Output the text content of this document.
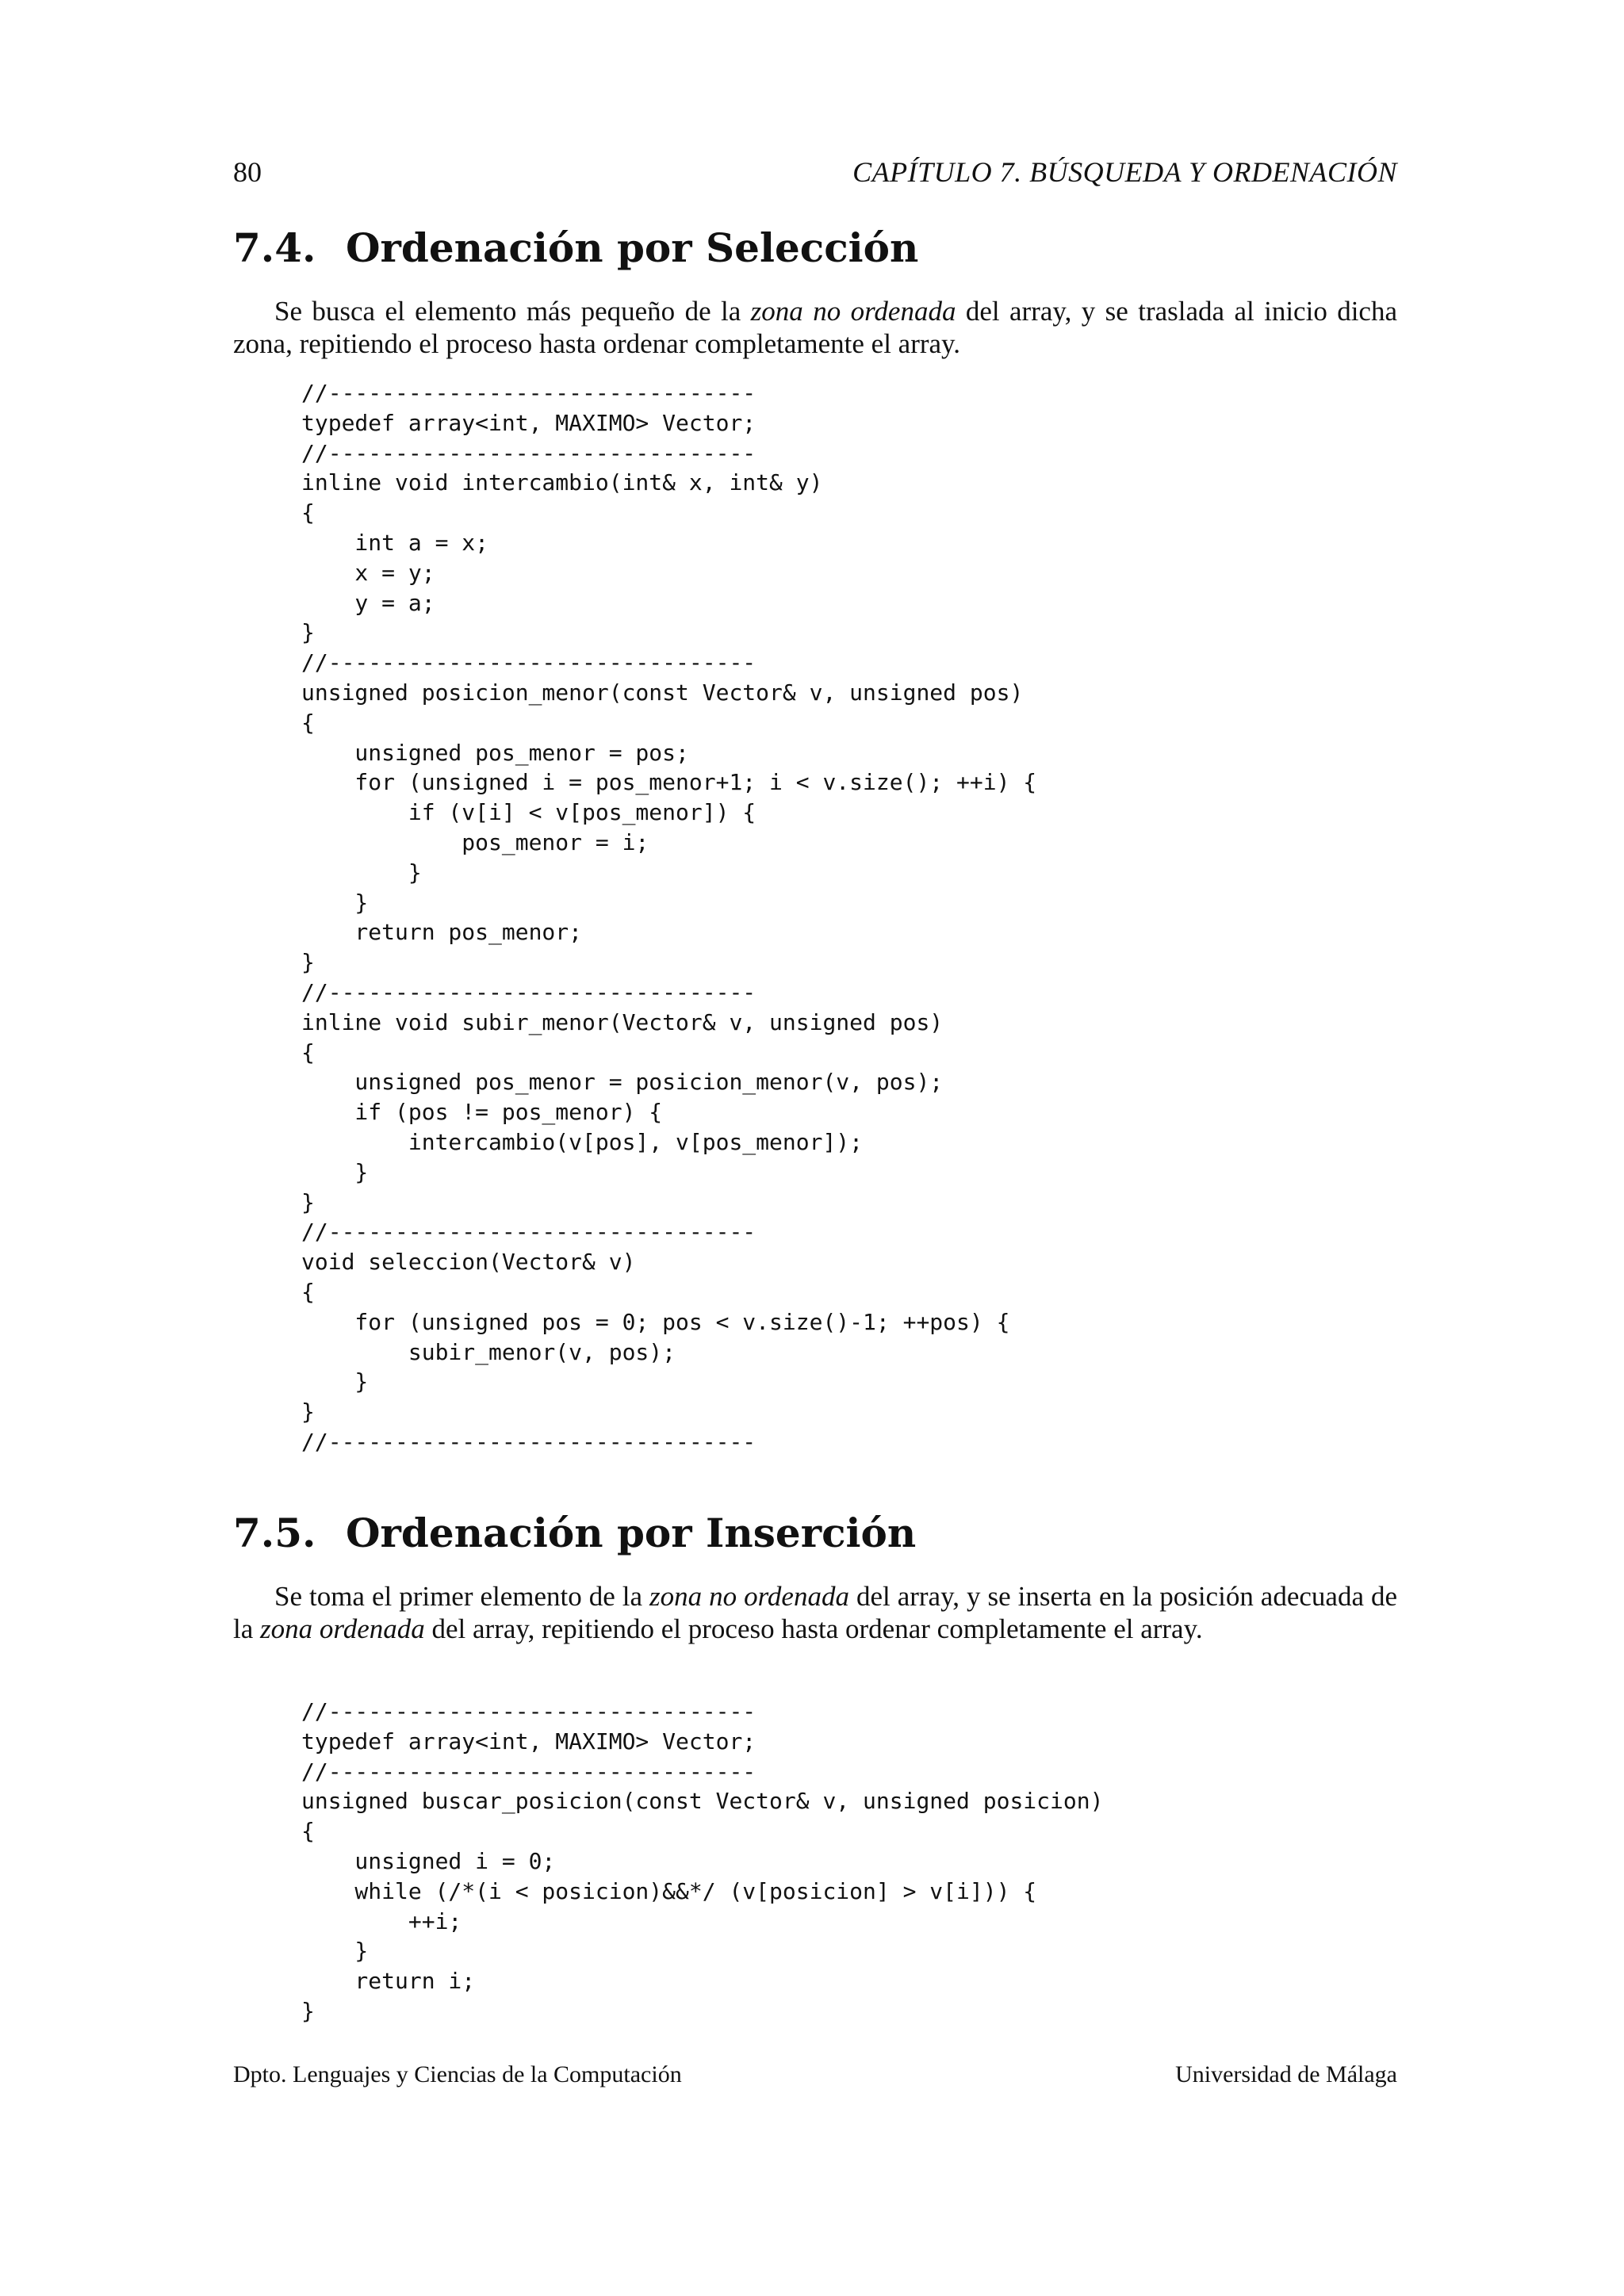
80	CAPÍTULO 7. BÚSQUEDA Y ORDENACIÓN
7.4. Ordenación por Selección
Se busca el elemento más pequeño de la zona no ordenada del array, y se traslada al inicio dicha zona, repitiendo el proceso hasta ordenar completamente el array.
//--------------------------------
typedef array<int, MAXIMO> Vector;
//--------------------------------
inline void intercambio(int& x, int& y)
{
int a = x;
x = y;
y = a;
}
//--------------------------------
unsigned posicion_menor(const Vector& v, unsigned pos)
{
unsigned pos_menor = pos;
for (unsigned i = pos_menor+1; i < v.size(); ++i) {
if (v[i] < v[pos_menor]) {
pos_menor = i;
}
}
return pos_menor;
}
//--------------------------------
inline void subir_menor(Vector& v, unsigned pos)
{
unsigned pos_menor = posicion_menor(v, pos);
if (pos != pos_menor) {
intercambio(v[pos], v[pos_menor]);
}
}
//--------------------------------
void seleccion(Vector& v)
{
for (unsigned pos = 0; pos < v.size()-1; ++pos) {
subir_menor(v, pos);
}
}
//--------------------------------
7.5. Ordenación por Inserción
Se toma el primer elemento de la zona no ordenada del array, y se inserta en la posición adecuada de la zona ordenada del array, repitiendo el proceso hasta ordenar completamente el array.
//--------------------------------
typedef array<int, MAXIMO> Vector;
//--------------------------------
unsigned buscar_posicion(const Vector& v, unsigned posicion)
{
unsigned i = 0;
while (/*(i < posicion)&&*/ (v[posicion] > v[i])) {
++i;
}
return i;
}
Dpto. Lenguajes y Ciencias de la Computación	Universidad de Málaga
